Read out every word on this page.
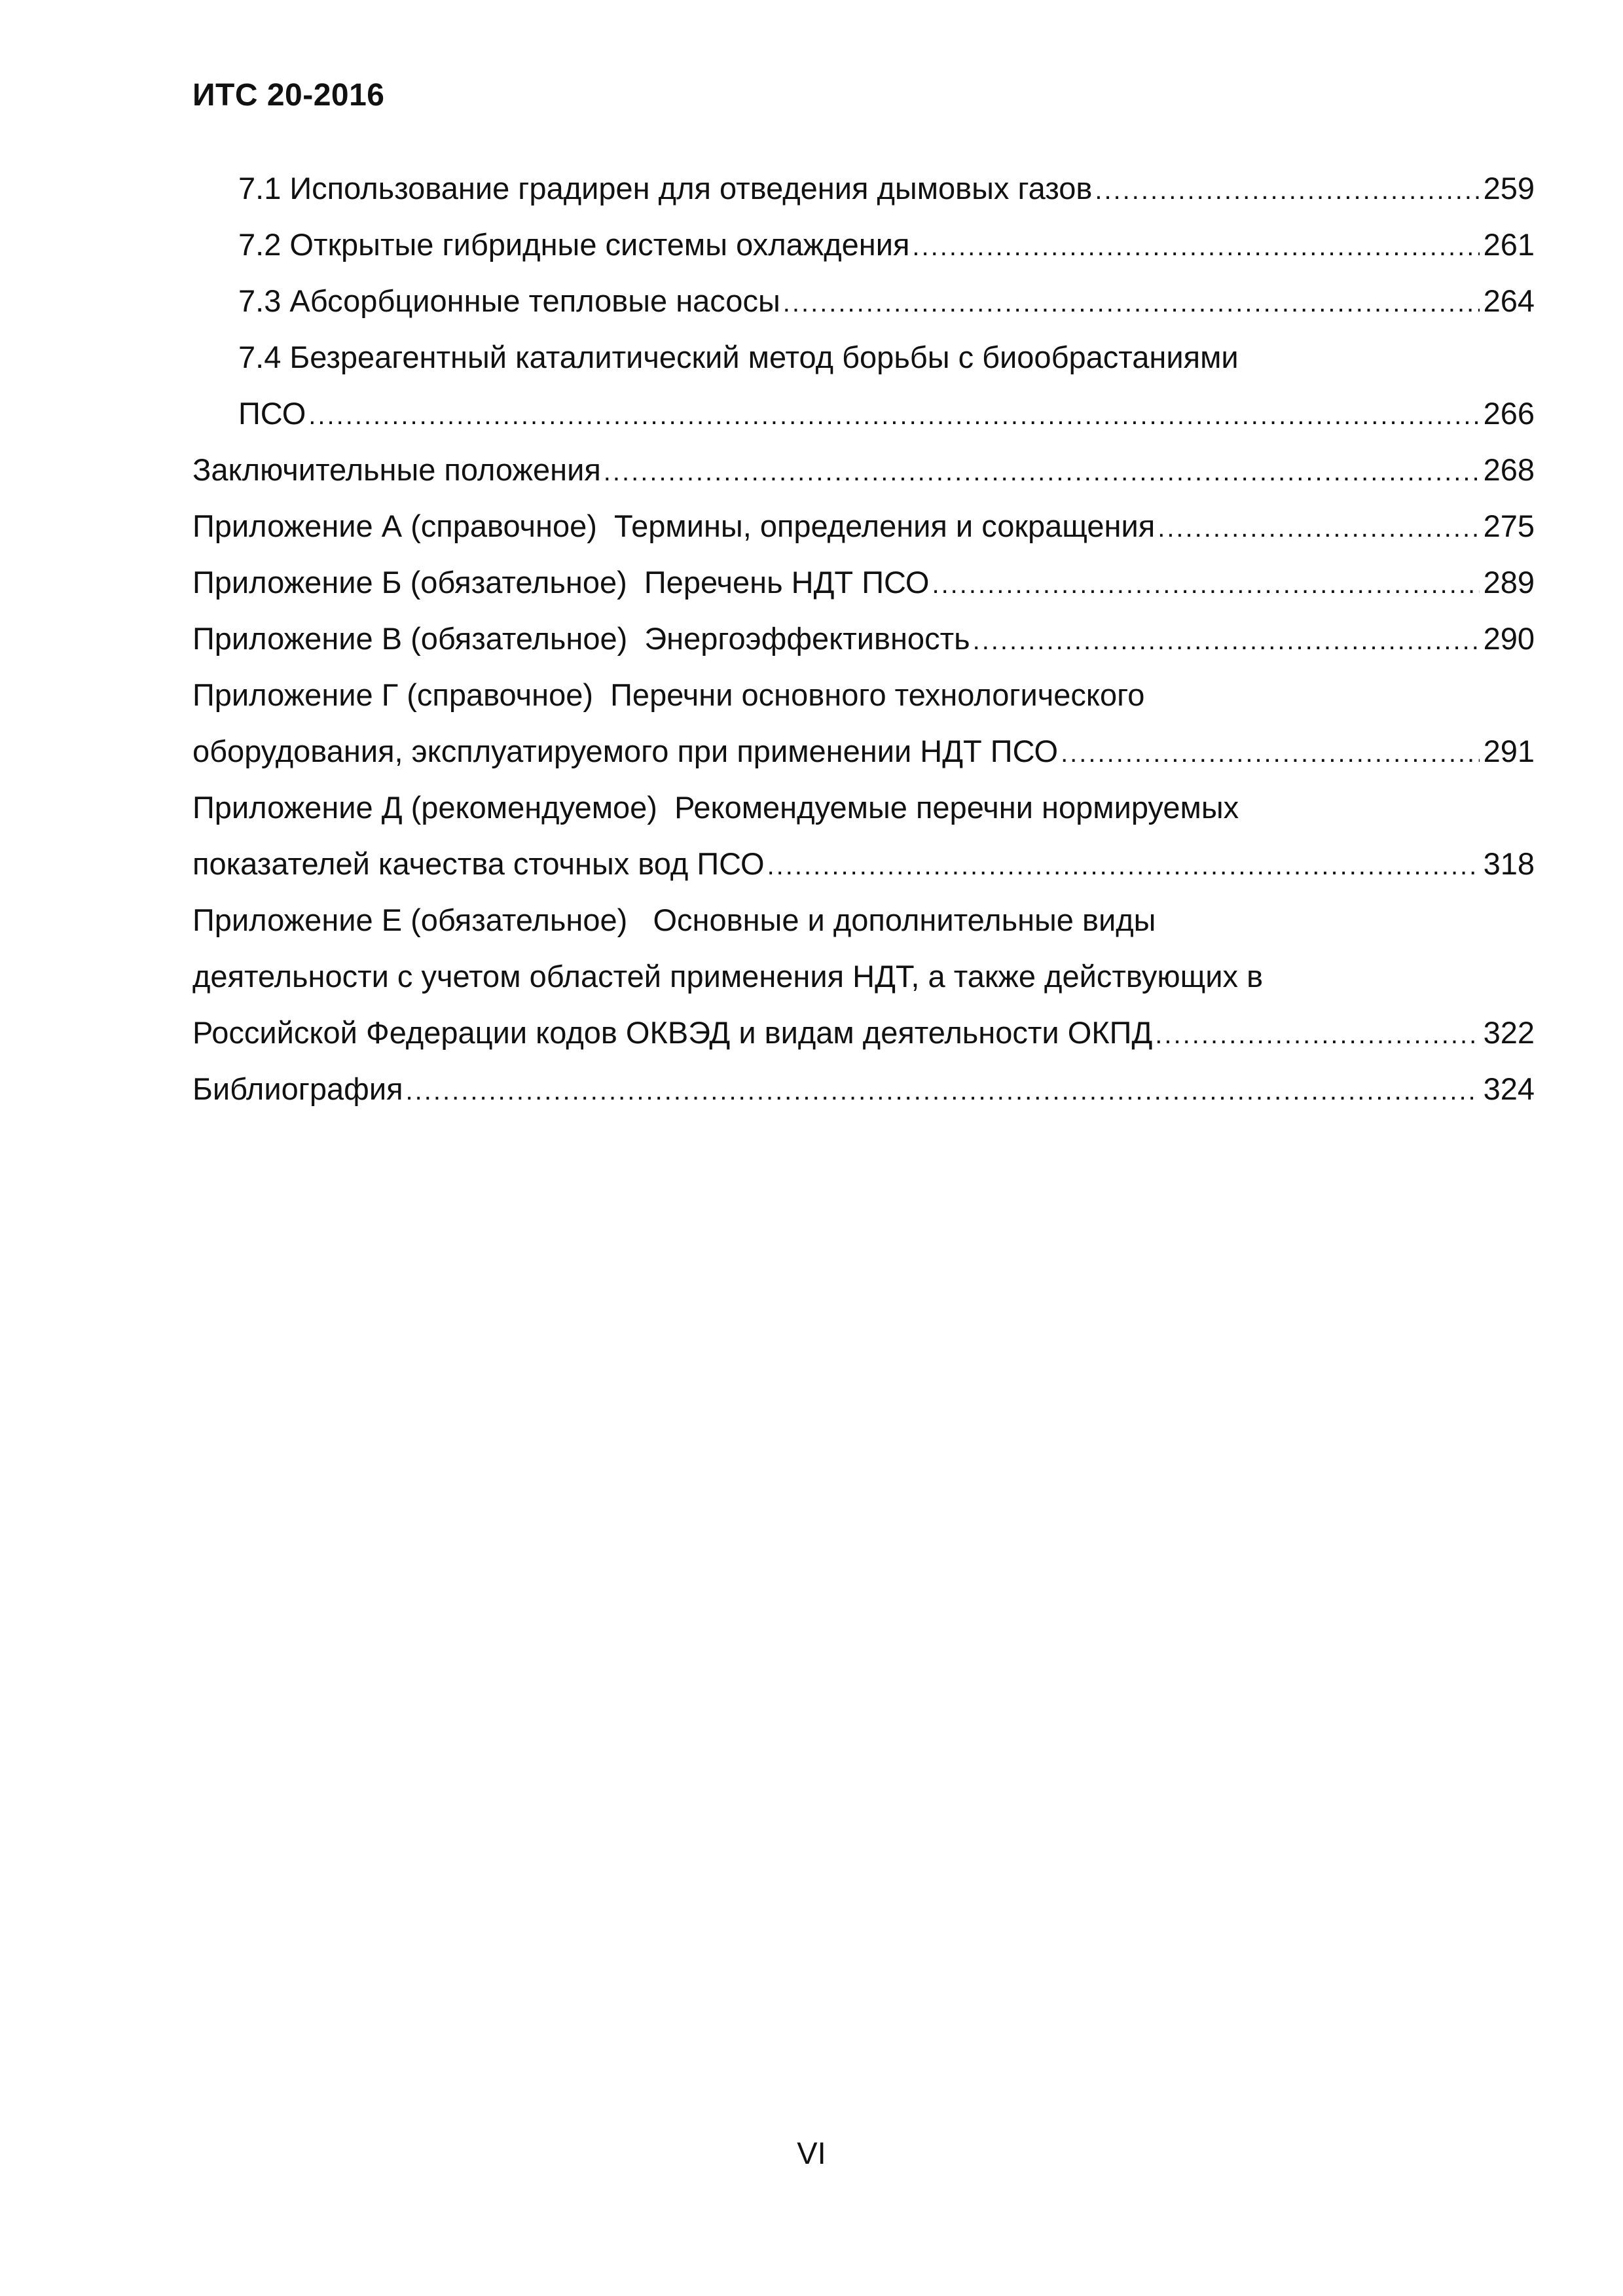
ИТС 20-2016
7.1 Использование градирен для отведения дымовых газов .....	259
7.2 Открытые гибридные системы охлаждения .....	261
7.3 Абсорбционные тепловые насосы .....	264
7.4 Безреагентный каталитический метод борьбы с биообрастаниями
ПСО .....	266
Заключительные положения .....	268
Приложение А (справочное)  Термины, определения и сокращения .....	275
Приложение Б (обязательное)  Перечень НДТ ПСО .....	289
Приложение В (обязательное)  Энергоэффективность .....	290
Приложение Г (справочное)  Перечни основного технологического
оборудования, эксплуатируемого при применении НДТ ПСО .....	291
Приложение Д (рекомендуемое)  Рекомендуемые перечни нормируемых
показателей качества сточных вод ПСО .....	318
Приложение Е (обязательное)   Основные и дополнительные виды
деятельности с учетом областей применения НДТ, а также действующих в
Российской Федерации кодов ОКВЭД и видам деятельности ОКПД .....	322
Библиография .....	324
VI
